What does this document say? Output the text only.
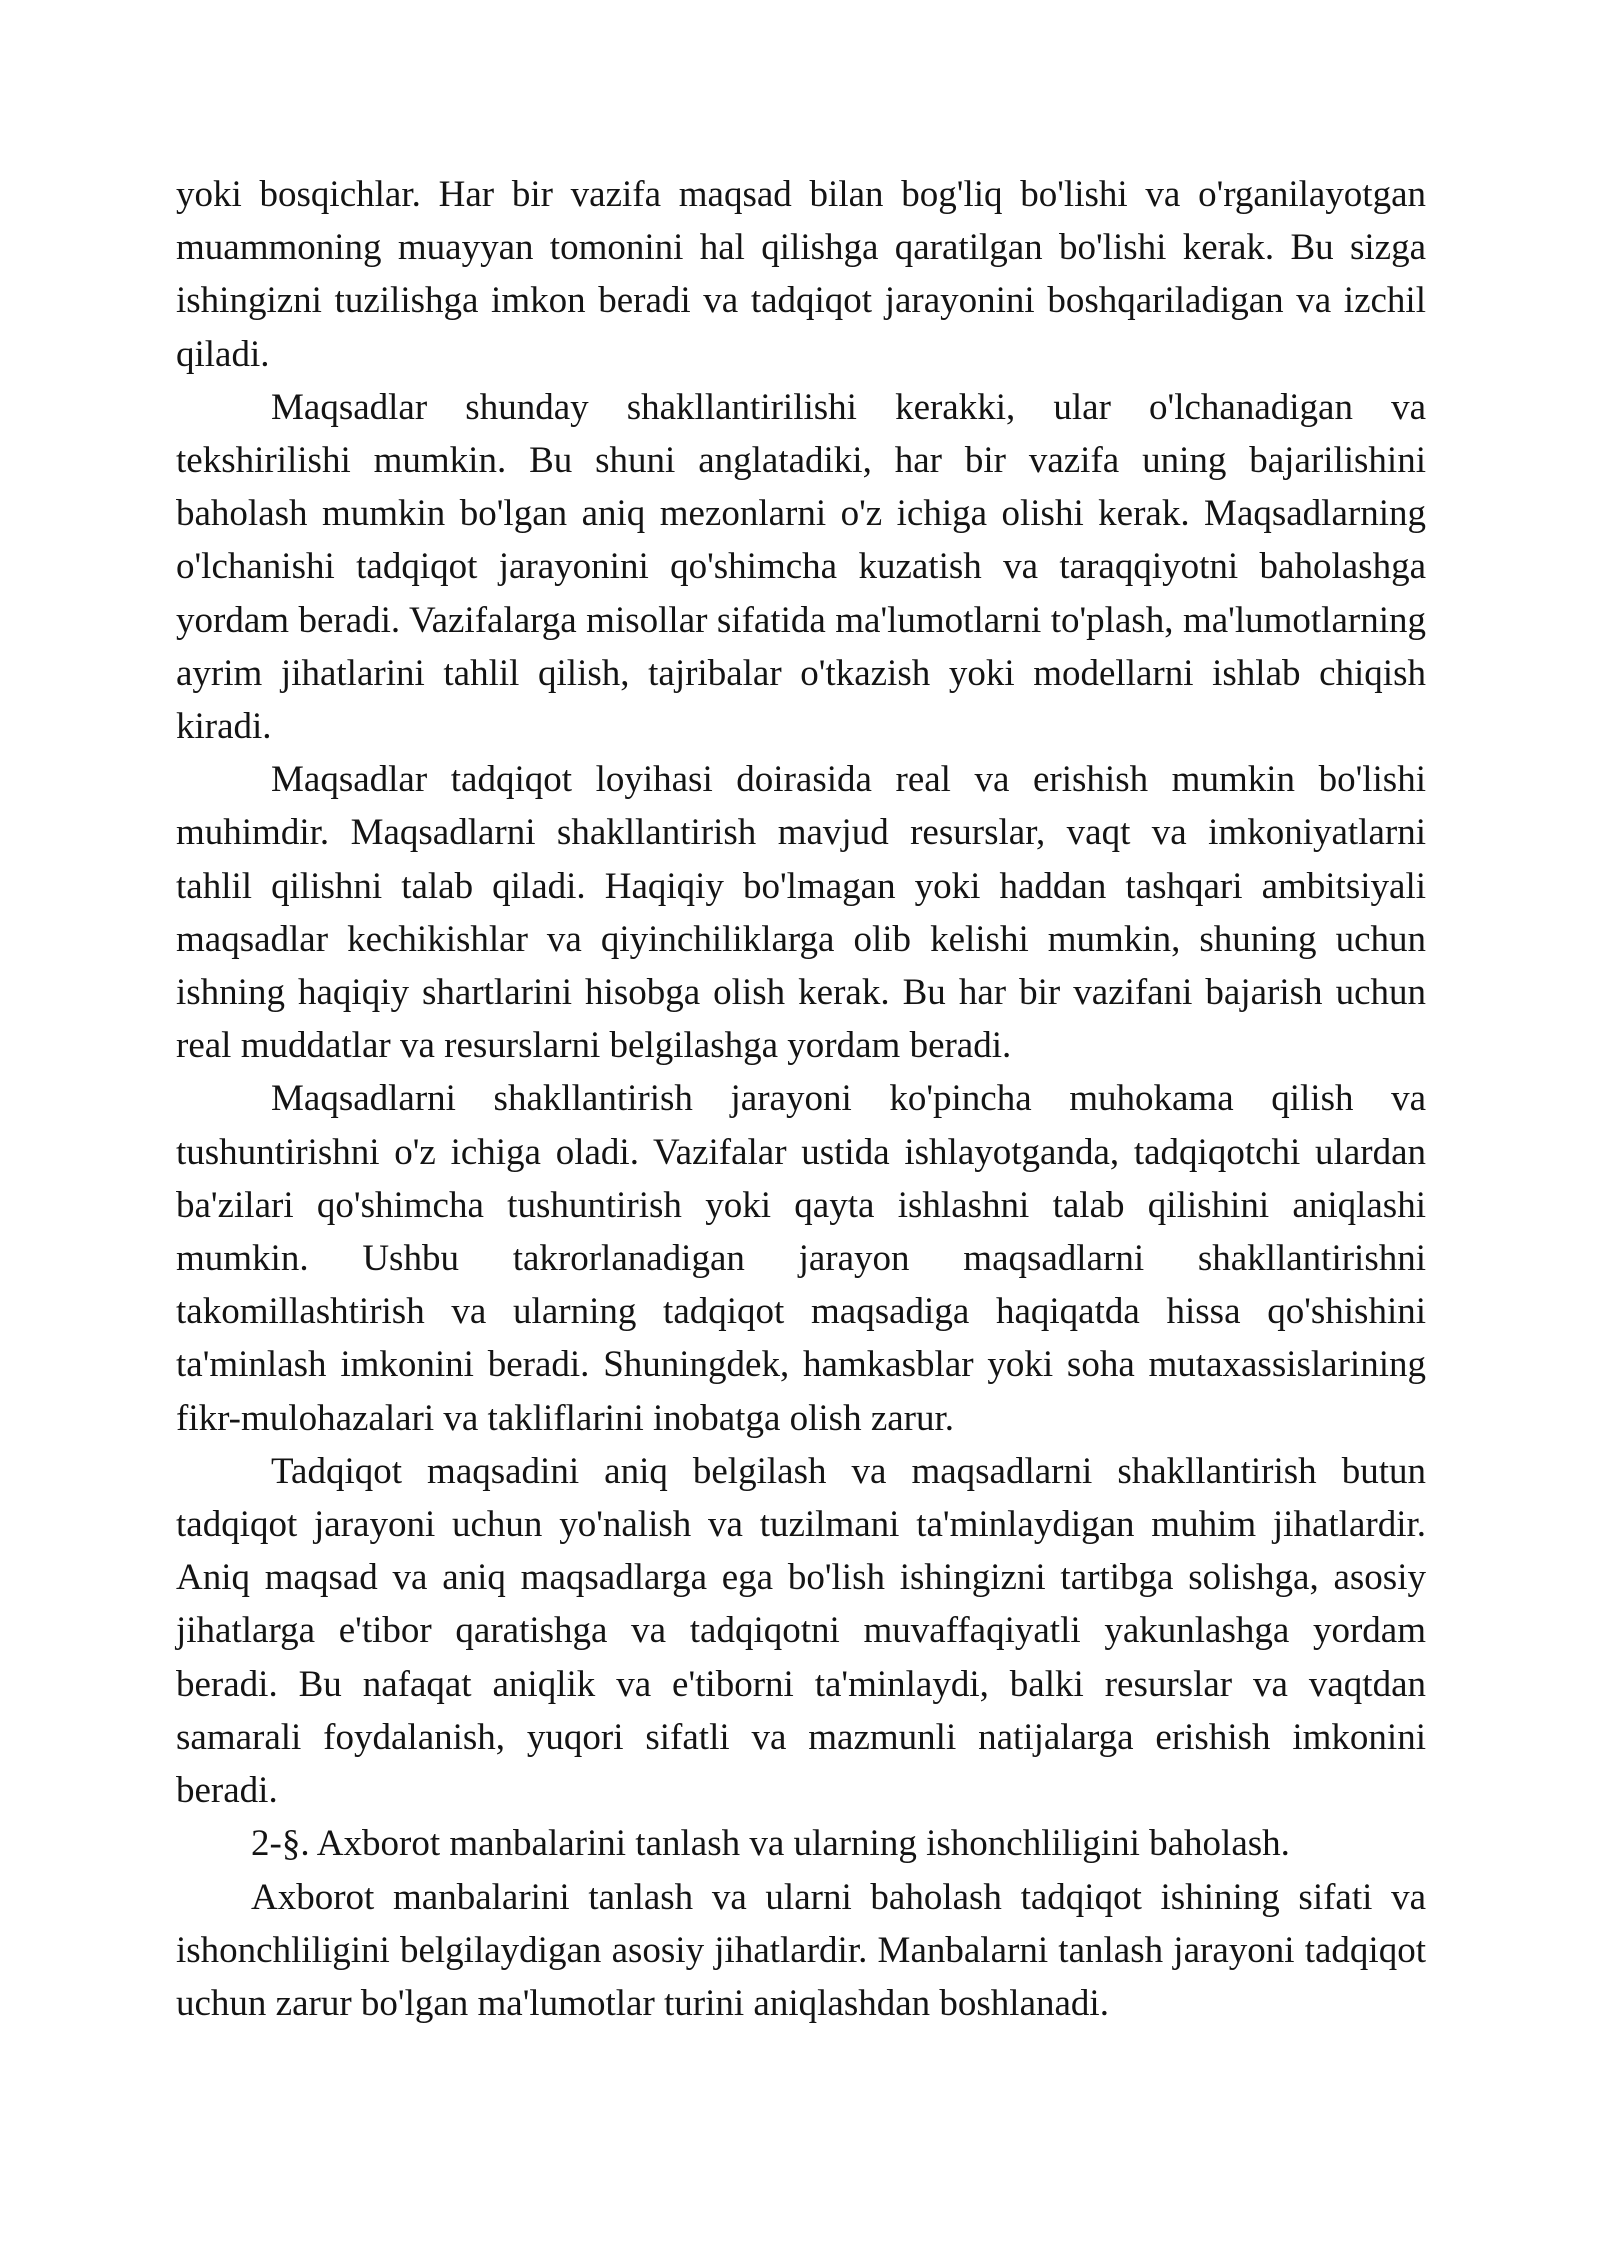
yoki bosqichlar. Har bir vazifa maqsad bilan bog'liq bo'lishi va o'rganilayotgan muammoning muayyan tomonini hal qilishga qaratilgan bo'lishi kerak. Bu sizga ishingizni tuzilishga imkon beradi va tadqiqot jarayonini boshqariladigan va izchil qiladi.

Maqsadlar shunday shakllantirilishi kerakki, ular o'lchanadigan va tekshirilishi mumkin. Bu shuni anglatadiki, har bir vazifa uning bajarilishini baholash mumkin bo'lgan aniq mezonlarni o'z ichiga olishi kerak. Maqsadlarning o'lchanishi tadqiqot jarayonini qo'shimcha kuzatish va taraqqiyotni baholashga yordam beradi. Vazifalarga misollar sifatida ma'lumotlarni to'plash, ma'lumotlarning ayrim jihatlarini tahlil qilish, tajribalar o'tkazish yoki modellarni ishlab chiqish kiradi.

Maqsadlar tadqiqot loyihasi doirasida real va erishish mumkin bo'lishi muhimdir. Maqsadlarni shakllantirish mavjud resurslar, vaqt va imkoniyatlarni tahlil qilishni talab qiladi. Haqiqiy bo'lmagan yoki haddan tashqari ambitsiyali maqsadlar kechikishlar va qiyinchiliklarga olib kelishi mumkin, shuning uchun ishning haqiqiy shartlarini hisobga olish kerak. Bu har bir vazifani bajarish uchun real muddatlar va resurslarni belgilashga yordam beradi.

Maqsadlarni shakllantirish jarayoni ko'pincha muhokama qilish va tushuntirishni o'z ichiga oladi. Vazifalar ustida ishlayotganda, tadqiqotchi ulardan ba'zilari qo'shimcha tushuntirish yoki qayta ishlashni talab qilishini aniqlashi mumkin. Ushbu takrorlanadigan jarayon maqsadlarni shakllantirishni takomillashtirish va ularning tadqiqot maqsadiga haqiqatda hissa qo'shishini ta'minlash imkonini beradi. Shuningdek, hamkasblar yoki soha mutaxassislarining fikr-mulohazalari va takliflarini inobatga olish zarur.

Tadqiqot maqsadini aniq belgilash va maqsadlarni shakllantirish butun tadqiqot jarayoni uchun yo'nalish va tuzilmani ta'minlaydigan muhim jihatlardir. Aniq maqsad va aniq maqsadlarga ega bo'lish ishingizni tartibga solishga, asosiy jihatlarga e'tibor qaratishga va tadqiqotni muvaffaqiyatli yakunlashga yordam beradi. Bu nafaqat aniqlik va e'tiborni ta'minlaydi, balki resurslar va vaqtdan samarali foydalanish, yuqori sifatli va mazmunli natijalarga erishish imkonini beradi.

2-§. Axborot manbalarini tanlash va ularning ishonchliligini baholash.

Axborot manbalarini tanlash va ularni baholash tadqiqot ishining sifati va ishonchliligini belgilaydigan asosiy jihatlardir. Manbalarni tanlash jarayoni tadqiqot uchun zarur bo'lgan ma'lumotlar turini aniqlashdan boshlanadi.
